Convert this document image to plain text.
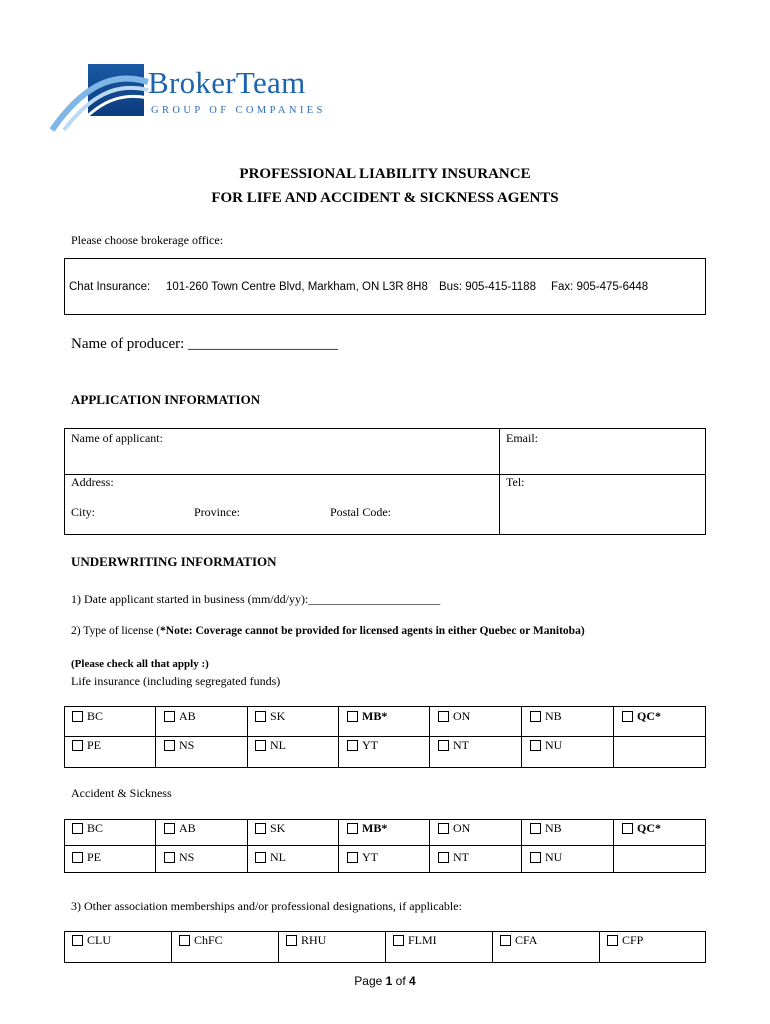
BrokerTeam
GROUP OF COMPANIES
PROFESSIONAL LIABILITY INSURANCE
FOR LIFE AND ACCIDENT & SICKNESS AGENTS
Please choose brokerage office:
Chat Insurance: 101-260 Town Centre Blvd, Markham, ON L3R 8H8 Bus: 905-415-1188 Fax: 905-475-6448
Name of producer: ____________________
APPLICATION INFORMATION
Name of applicant:	Email:
Address:	Tel:
City:	Province:	Postal Code:
UNDERWRITING INFORMATION
1) Date applicant started in business (mm/dd/yy):______________________
2) Type of license (*Note: Coverage cannot be provided for licensed agents in either Quebec or Manitoba)
(Please check all that apply :)
Life insurance (including segregated funds)
BC	AB	SK	MB*	ON	NB	QC*
PE	NS	NL	YT	NT	NU
Accident & Sickness
BC	AB	SK	MB*	ON	NB	QC*
PE	NS	NL	YT	NT	NU
3) Other association memberships and/or professional designations, if applicable:
CLU	ChFC	RHU	FLMI	CFA	CFP
Page 1 of 4
